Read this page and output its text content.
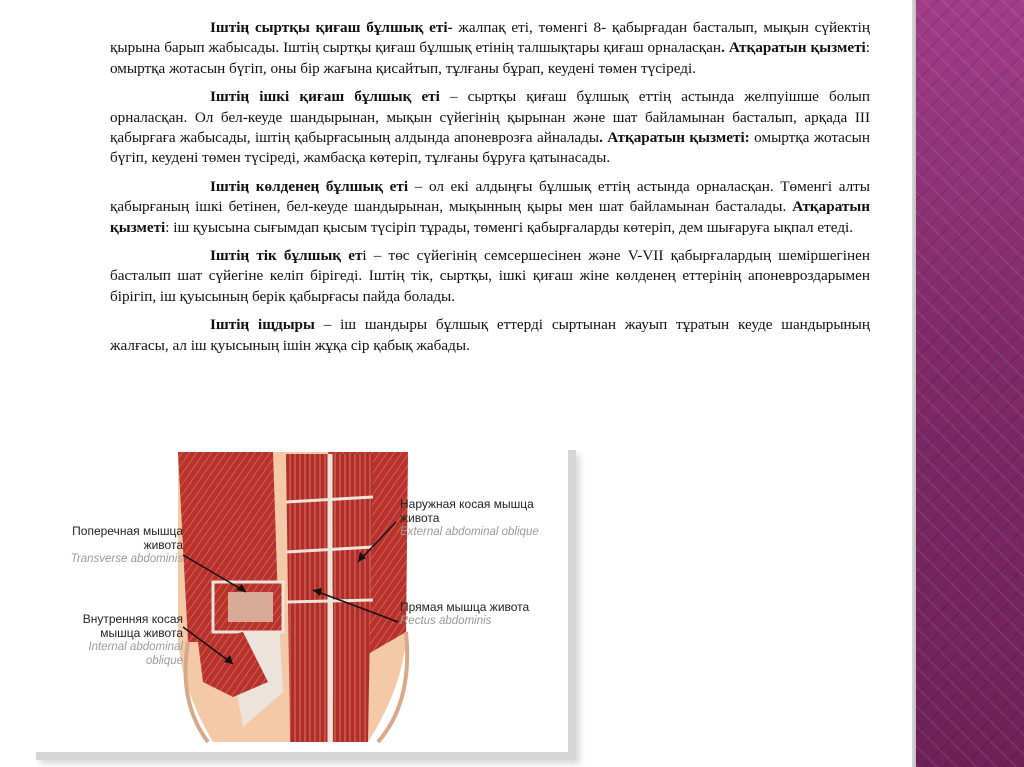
Іштің сыртқы қиғаш бұлшық еті- жалпақ еті, төменгі 8- қабырғадан басталып, мықын сүйектің қырына барып жабысады. Іштің сыртқы қиғаш бұлшық етінің талшықтары қиғаш орналасқан. Атқаратын қызметі: омыртқа жотасын бүгіп, оны бір жағына қисайтып, тұлғаны бұрап, кеудені төмен түсіреді.

Іштің ішкі қиғаш бұлшық еті – сыртқы қиғаш бұлшық еттің астында желпуішше болып орналасқан. Ол бел-кеуде шандырынан, мықын сүйегінің қырынан және шат байламынан басталып, арқада ІІІ қабырғаға жабысады, іштің қабырғасының алдында апоневрозға айналады. Атқаратын қызметі: омыртқа жотасын бүгіп, кеудені төмен түсіреді, жамбасқа көтеріп, тұлғаны бұруға қатынасады.

Іштің көлденең бұлшық еті – ол екі алдыңғы бұлшық еттің астында орналасқан. Төменгі алты қабырғаның ішкі бетінен, бел-кеуде шандырынан, мықынның қыры мен шат байламынан басталады. Атқаратын қызметі: іш қуысына сығымдап қысым түсіріп тұрады, төменгі қабырғаларды көтеріп, дем шығаруға ықпал етеді.

Іштің тік бұлшық еті – төс сүйегінің семсершесінен және V-VII қабырғалардың шеміршегінен басталып шат сүйегіне келіп бірігеді. Іштің тік, сыртқы, ішкі қиғаш жіне көлденең еттерінің апоневроздарымен бірігіп, іш қуысының берік қабырғасы пайда болады.

Іштің іщдыры – іш шандыры бұлшық еттерді сыртынан жауып тұратын кеуде шандырының жалғасы, ал іш қуысының ішін жұқа сір қабық жабады.

Поперечная мышца живота
Transverse abdominis
Внутренняя косая мышца живота
Internal abdominal oblique
Наружная косая мышца живота
External abdominal oblique
Прямая мышца живота
Rectus abdominis
